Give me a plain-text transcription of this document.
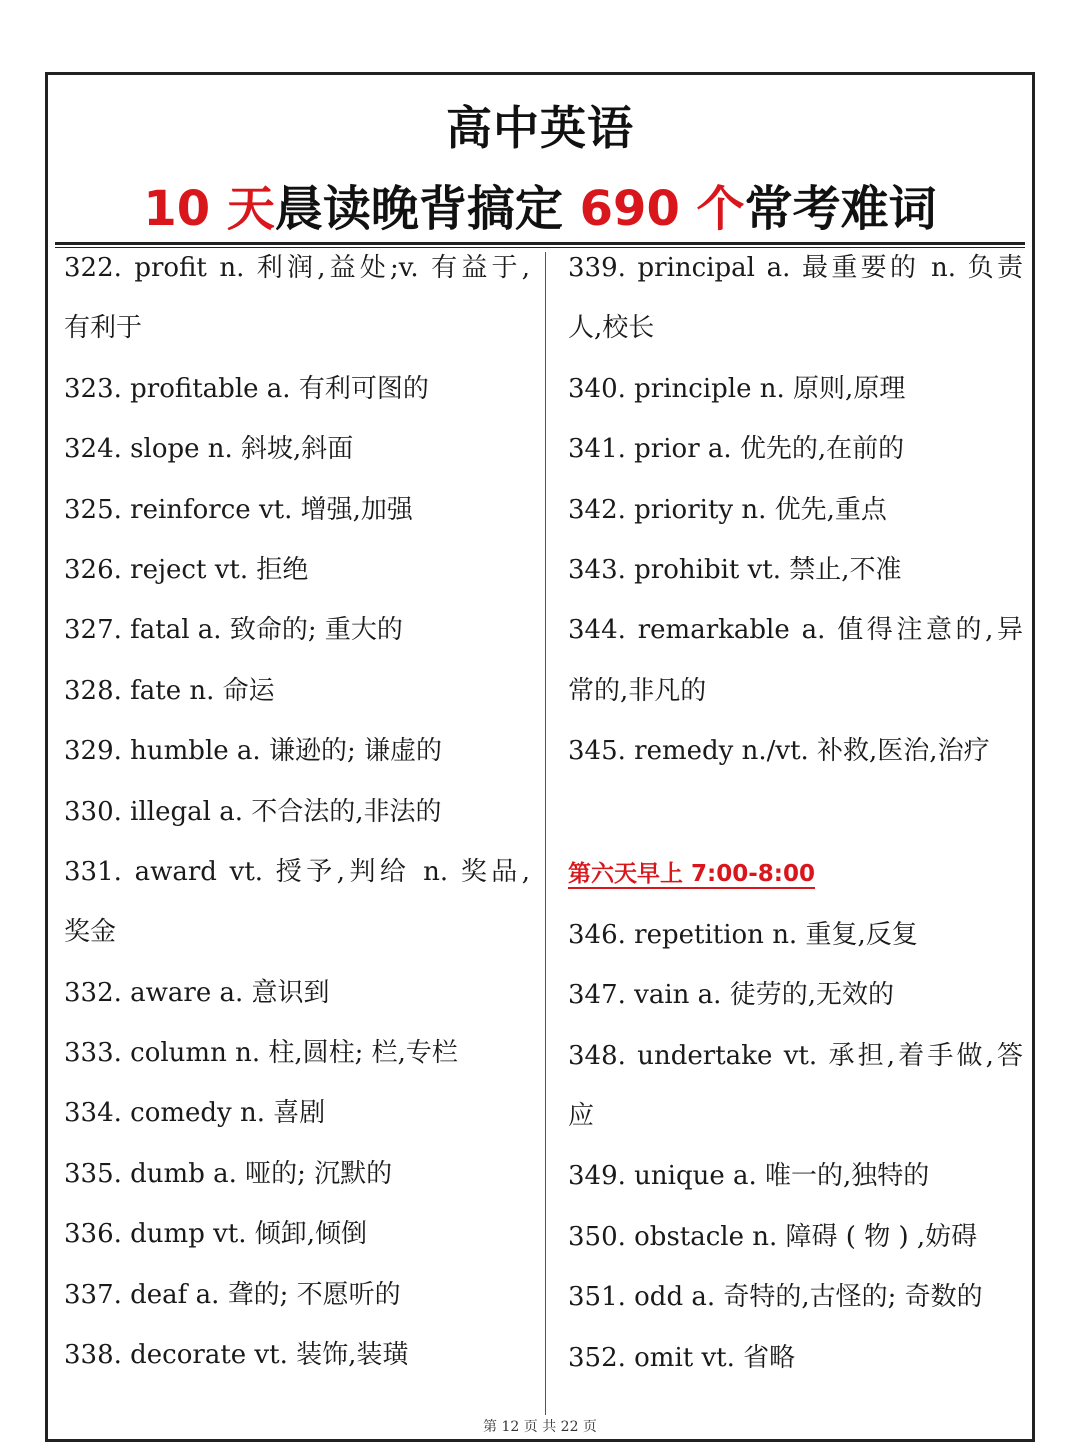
高中英语
10 天晨读晚背搞定 690 个常考难词
322. profit n. 利润,益处;v. 有益于,
有利于
323. profitable a. 有利可图的
324. slope n. 斜坡,斜面
325. reinforce vt. 增强,加强
326. reject vt. 拒绝
327. fatal a. 致命的; 重大的
328. fate n. 命运
329. humble a. 谦逊的; 谦虚的
330. illegal a. 不合法的,非法的
331. award vt. 授予,判给 n. 奖品,
奖金
332. aware a. 意识到
333. column n. 柱,圆柱; 栏,专栏
334. comedy n. 喜剧
335. dumb a. 哑的; 沉默的
336. dump vt. 倾卸,倾倒
337. deaf a. 聋的; 不愿听的
338. decorate vt. 装饰,装璜
339. principal a. 最重要的 n. 负责
人,校长
340. principle n. 原则,原理
341. prior a. 优先的,在前的
342. priority n. 优先,重点
343. prohibit vt. 禁止,不准
344. remarkable a. 值得注意的,异
常的,非凡的
345. remedy n./vt. 补救,医治,治疗
第六天早上 7:00-8:00
346. repetition n. 重复,反复
347. vain a. 徒劳的,无效的
348. undertake vt. 承担,着手做,答
应
349. unique a. 唯一的,独特的
350. obstacle n. 障碍 ( 物 ) ,妨碍
351. odd a. 奇特的,古怪的; 奇数的
352. omit vt. 省略
第 12 页 共 22 页
